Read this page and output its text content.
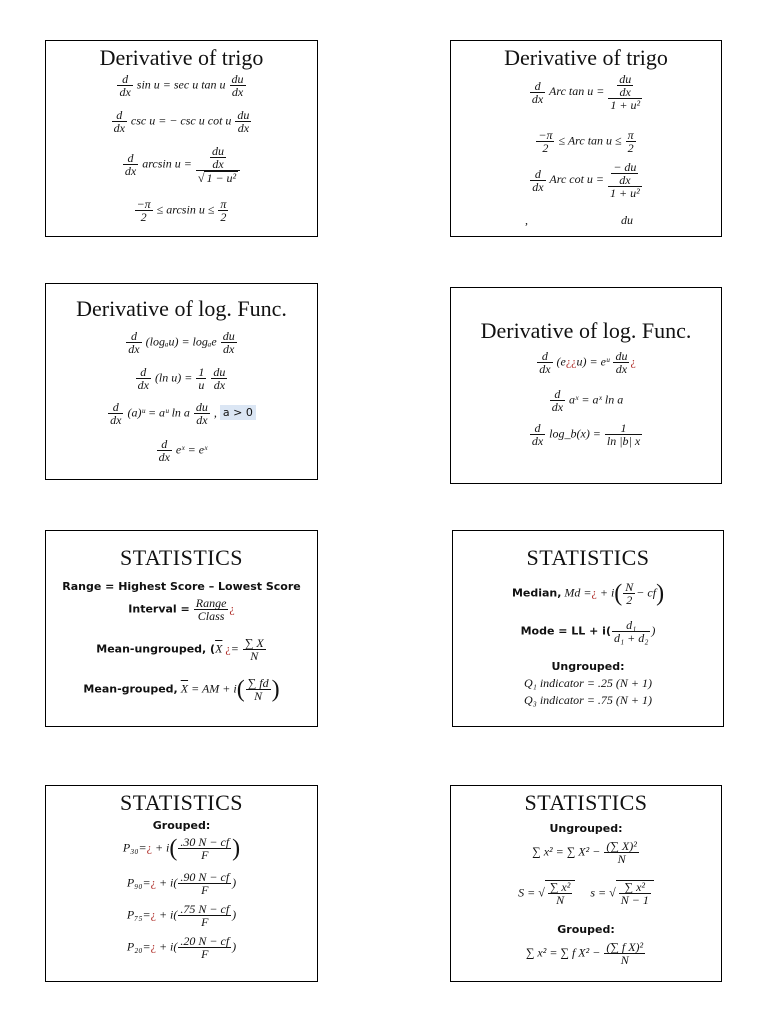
Derivative of trigo
$\frac{d}{dx}$ sin u = sec u tan u $\frac{du}{dx}$
$\frac{d}{dx}$ csc u = − csc u cot u $\frac{du}{dx}$
$\frac{d}{dx}$ $\arcsin u = \frac{\frac{du}{dx}}{\text{√ 1 − u²}}$
$\frac{-\pi}{2} \le \arcsin u \le \frac{\pi}{2}$
Derivative of trigo
$\frac{d}{dx}$ Arc $\tan u = \frac{\frac{du}{dx}}{\text{1 + u²}}$
$\frac{-\pi}{2}$ ≤ Arc $\tan u \le \frac{\pi}{2}$
$\frac{d}{dx}$ Arc $\cot u = \frac{\frac{- du}{dx}}{\text{1 + u²}}$
,	du
Derivative of log. Func.
$\frac{d}{dx} (\log_au) = \log_ae \frac{du}{dx}$
$\frac{d}{dx} (\ln$ $u) = \frac{1}{u}$
$\frac{du}{dx}$
$\frac{d}{dx}$ (a)ᵘ = aᵘ ln a $\frac{du}{dx}$ , a > 0
$\frac{d}{dx}$ eˣ = eˣ
Derivative of log. Func.
$\frac{d}{dx}$ (e¿¿u) = eᵘ $\frac{du}{dx}$ ¿
$\frac{d}{dx}$ aˣ = aˣ ln a
$\frac{d}{dx}$ log_b(x) = $\frac{1}{\ln |b| x}$
STATISTICS
Range = Highest Score – Lowest Score
Interval = $\frac{\text{Range}}{\text{Class}}$ ¿
Mean-ungrouped, ($\overline{X}$ ¿= $\frac{\sum X}{N}$
Mean-grouped, $\overline{X}$ = AM + $i( \frac{\sum fd}{N}$ )
STATISTICS
Median, Md =¿ + $i( \frac{N}{2} - cf)$
Mode = LL + $i( \frac{\text{d₁}}{\text{d₁ + d₂}}$ )
Ungrouped:
Q₁ indicator = .25 (N + 1)
Q₃ indicator = .75 (N + 1)
STATISTICS
Grouped:
P₃₀=¿ + $i( \frac{.30 N - cf}{F}$ )
P₉₀=¿ + $i( \frac{.90 N - cf}{F}$ )
P₇₅=¿ + $i( \frac{.75 N - cf}{F}$ )
P₂₀=¿ + $i( \frac{.20 N - cf}{F}$ )
STATISTICS
Ungrouped:
∑ x² = ∑ $X^2 - \frac{\text{(∑ X)²}}{N}$
S = √ $\frac{\text{∑ x²}}{N}$ s = √ $\frac{\text{∑ x²}}{N - 1}$
Grouped:
∑ x² = ∑ f $X^2 - \frac{\text{(∑ f X)²}}{N}$
